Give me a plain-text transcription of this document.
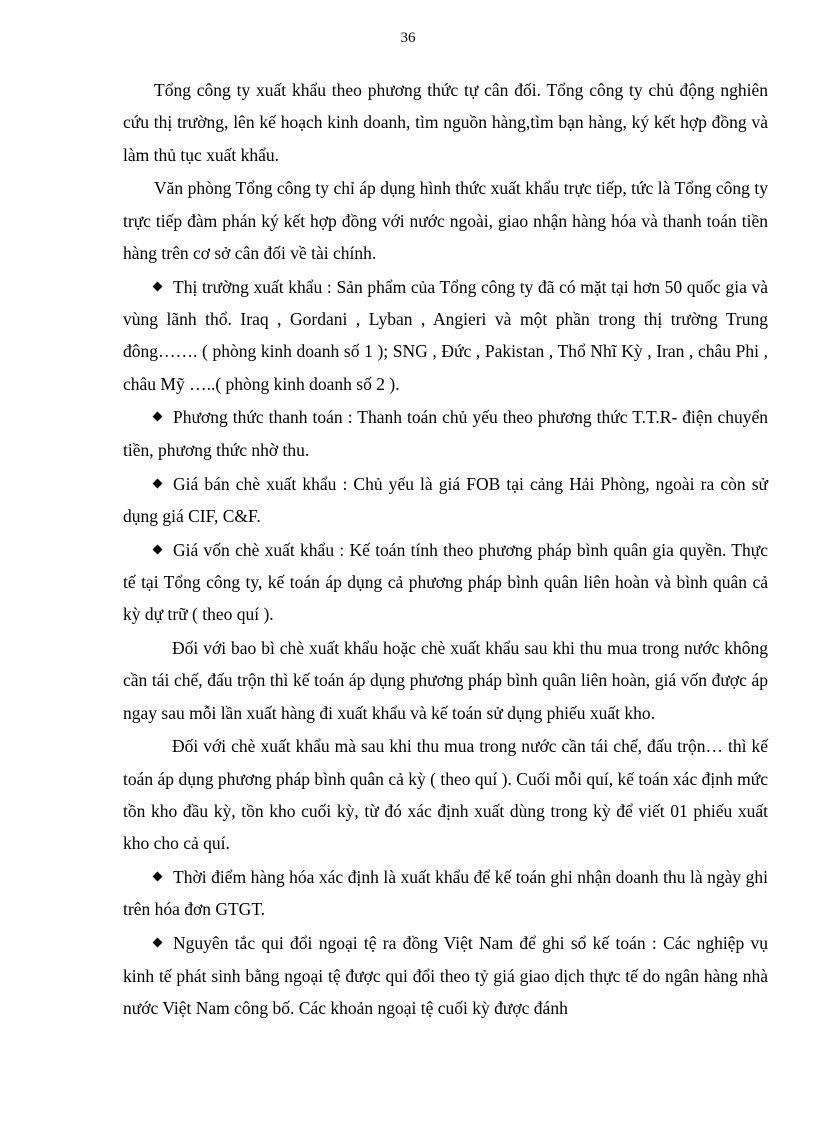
36

Tổng công ty xuất khẩu theo phương thức tự cân đối. Tổng công ty chủ động nghiên cứu thị trường, lên kế hoạch kinh doanh, tìm nguồn hàng,tìm bạn hàng, ký kết hợp đồng và làm thủ tục xuất khẩu.

Văn phòng Tổng công ty chỉ áp dụng hình thức xuất khẩu trực tiếp, tức là Tổng công ty trực tiếp đàm phán ký kết hợp đồng với nước ngoài, giao nhận hàng hóa và thanh toán tiền hàng trên cơ sở cân đối về tài chính.

Thị trường xuất khẩu : Sản phẩm của Tổng công ty đã có mặt tại hơn 50 quốc gia và vùng lãnh thổ. Iraq , Gordani , Lyban , Angieri và một phần trong thị trường Trung đông……. ( phòng kinh doanh số 1 ); SNG , Đức , Pakistan , Thổ Nhĩ Kỳ , Iran , châu Phi , châu Mỹ …..( phòng kinh doanh số 2 ).

Phương thức thanh toán : Thanh toán chủ yếu theo phương thức T.T.R- điện chuyển tiền, phương thức nhờ thu.

Giá bán chè xuất khẩu : Chủ yếu là giá FOB tại cảng Hải Phòng, ngoài ra còn sử dụng giá CIF, C&F.

Giá vốn chè xuất khẩu : Kế toán tính theo phương pháp bình quân gia quyền. Thực tế tại Tổng công ty, kế toán áp dụng cả phương pháp bình quân liên hoàn và bình quân cả kỳ dự trữ ( theo quí ).

Đối với bao bì chè xuất khẩu hoặc chè xuất khẩu sau khi thu mua trong nước không cần tái chế, đấu trộn thì kế toán áp dụng phương pháp bình quân liên hoàn, giá vốn được áp ngay sau mỗi lần xuất hàng đi xuất khẩu và kế toán sử dụng phiếu xuất kho.

Đối với chè xuất khẩu mà sau khi thu mua trong nước cần tái chế, đấu trộn… thì kế toán áp dụng phương pháp bình quân cả kỳ ( theo quí ). Cuối mỗi quí, kế toán xác định mức tồn kho đầu kỳ, tồn kho cuối kỳ, từ đó xác định xuất dùng trong kỳ để viết 01 phiếu xuất kho cho cả quí.

Thời điểm hàng hóa xác định là xuất khẩu để kế toán ghi nhận doanh thu là ngày ghi trên hóa đơn GTGT.

Nguyên tắc qui đổi ngoại tệ ra đồng Việt Nam để ghi sổ kế toán : Các nghiệp vụ kinh tế phát sinh bằng ngoại tệ được qui đổi theo tỷ giá giao dịch thực tế do ngân hàng nhà nước Việt Nam công bố. Các khoản ngoại tệ cuối kỳ được đánh
